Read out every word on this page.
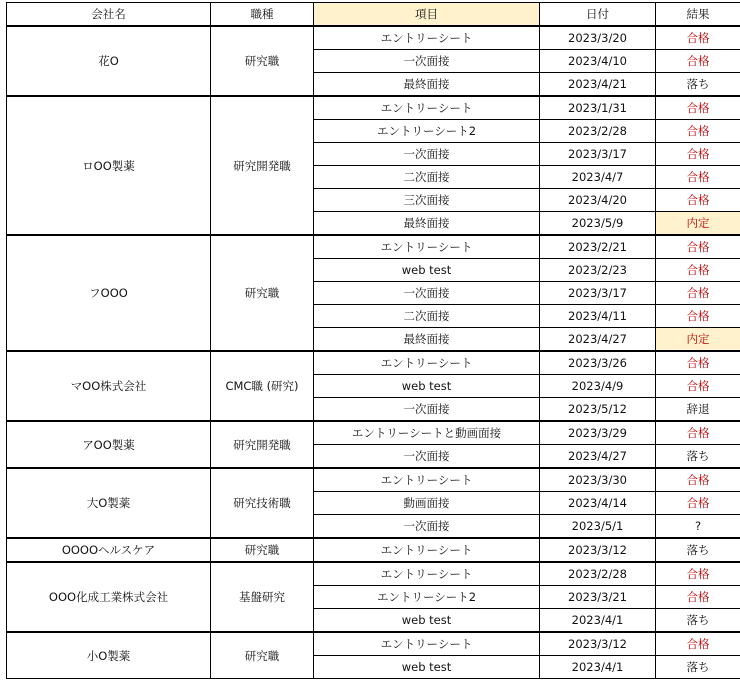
会社名	職種	項目	日付	結果
花O	研究職	エントリーシート	2023/3/20	合格
		一次面接	2023/4/10	合格
		最終面接	2023/4/21	落ち
ロOO製薬	研究開発職	エントリーシート	2023/1/31	合格
		エントリーシート2	2023/2/28	合格
		一次面接	2023/3/17	合格
		二次面接	2023/4/7	合格
		三次面接	2023/4/20	合格
		最終面接	2023/5/9	内定
フOOO	研究職	エントリーシート	2023/2/21	合格
		web test	2023/2/23	合格
		一次面接	2023/3/17	合格
		二次面接	2023/4/11	合格
		最終面接	2023/4/27	内定
マOO株式会社	CMC職 (研究)	エントリーシート	2023/3/26	合格
		web test	2023/4/9	合格
		一次面接	2023/5/12	辞退
アOO製薬	研究開発職	エントリーシートと動画面接	2023/3/29	合格
		一次面接	2023/4/27	落ち
大O製薬	研究技術職	エントリーシート	2023/3/30	合格
		動画面接	2023/4/14	合格
		一次面接	2023/5/1	?
OOOOヘルスケア	研究職	エントリーシート	2023/3/12	落ち
OOO化成工業株式会社	基盤研究	エントリーシート	2023/2/28	合格
		エントリーシート2	2023/3/21	合格
		web test	2023/4/1	落ち
小O製薬	研究職	エントリーシート	2023/3/12	合格
		web test	2023/4/1	落ち
